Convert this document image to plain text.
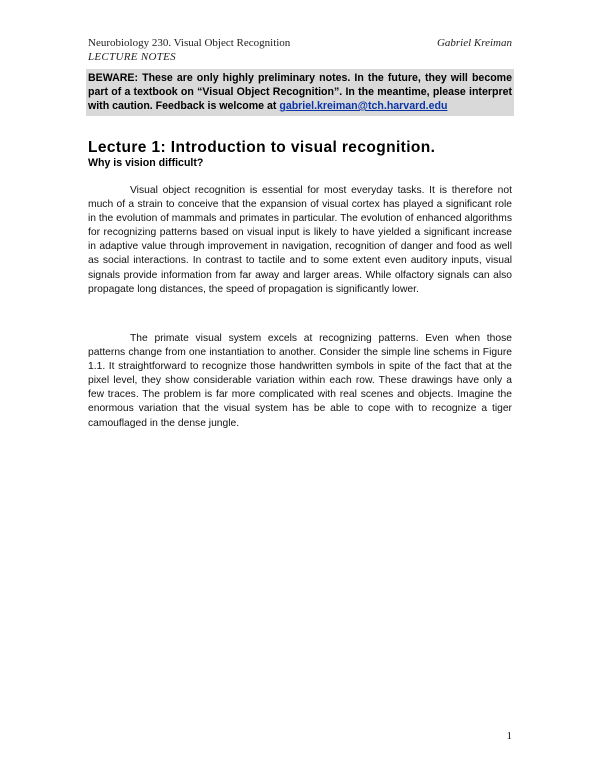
Neurobiology 230. Visual Object Recognition
LECTURE NOTES
Gabriel Kreiman
BEWARE: These are only highly preliminary notes. In the future, they will become part of a textbook on “Visual Object Recognition”. In the meantime, please interpret with caution. Feedback is welcome at gabriel.kreiman@tch.harvard.edu
Lecture 1: Introduction to visual recognition.
Why is vision difficult?

Visual object recognition is essential for most everyday tasks. It is therefore not much of a strain to conceive that the expansion of visual cortex has played a significant role in the evolution of mammals and primates in particular. The evolution of enhanced algorithms for recognizing patterns based on visual input is likely to have yielded a significant increase in adaptive value through improvement in navigation, recognition of danger and food as well as social interactions. In contrast to tactile and to some extent even auditory inputs, visual signals provide information from far away and larger areas. While olfactory signals can also propagate long distances, the speed of propagation is significantly lower.

The primate visual system excels at recognizing patterns. Even when those patterns change from one instantiation to another. Consider the simple line schems in Figure 1.1. It straightforward to recognize those handwritten symbols in spite of the fact that at the pixel level, they show considerable variation within each row. These drawings have only a few traces. The problem is far more complicated with real scenes and objects. Imagine the enormous variation that the visual system has be able to cope with to recognize a tiger camouflaged in the dense jungle.

1
